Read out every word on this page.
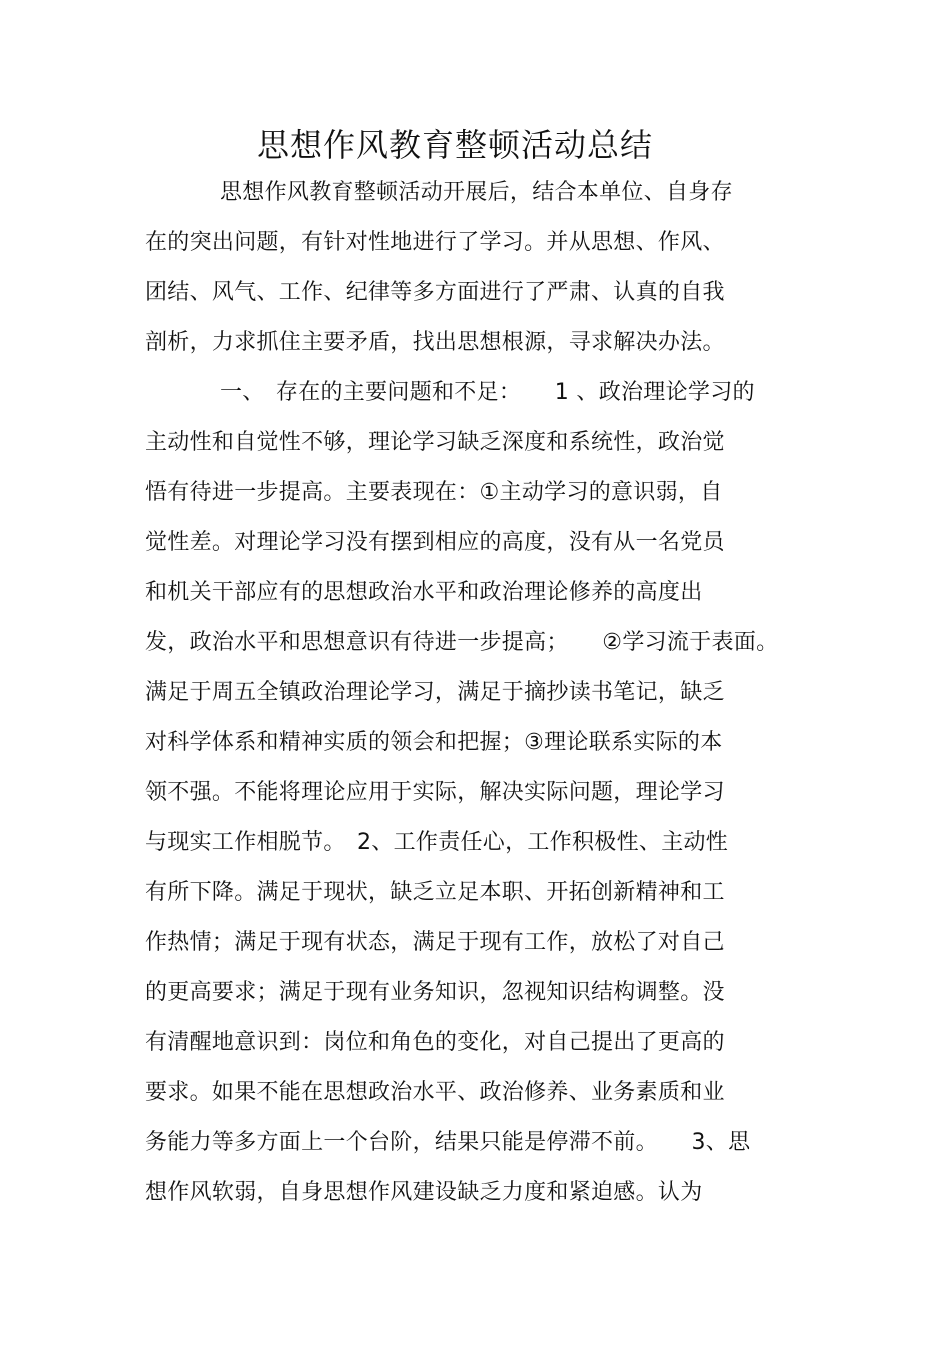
思想作风教育整顿活动总结
思想作风教育整顿活动开展后，结合本单位、自身存
在的突出问题，有针对性地进行了学习。并从思想、作风、
团结、风气、工作、纪律等多方面进行了严肃、认真的自我
剖析，力求抓住主要矛盾，找出思想根源，寻求解决办法。
一、　存在的主要问题和不足：　　1 、政治理论学习的
主动性和自觉性不够，理论学习缺乏深度和系统性，政治觉
悟有待进一步提高。主要表现在：①主动学习的意识弱，自
觉性差。对理论学习没有摆到相应的高度，没有从一名党员
和机关干部应有的思想政治水平和政治理论修养的高度出
发，政治水平和思想意识有待进一步提高；　　②学习流于表面。
满足于周五全镇政治理论学习，满足于摘抄读书笔记，缺乏
对科学体系和精神实质的领会和把握；③理论联系实际的本
领不强。不能将理论应用于实际，解决实际问题，理论学习
与现实工作相脱节。　2、工作责任心，工作积极性、主动性
有所下降。满足于现状，缺乏立足本职、开拓创新精神和工
作热情；满足于现有状态，满足于现有工作，放松了对自己
的更高要求；满足于现有业务知识，忽视知识结构调整。没
有清醒地意识到：岗位和角色的变化，对自己提出了更高的
要求。如果不能在思想政治水平、政治修养、业务素质和业
务能力等多方面上一个台阶，结果只能是停滞不前。　　3、思
想作风软弱，自身思想作风建设缺乏力度和紧迫感。认为
